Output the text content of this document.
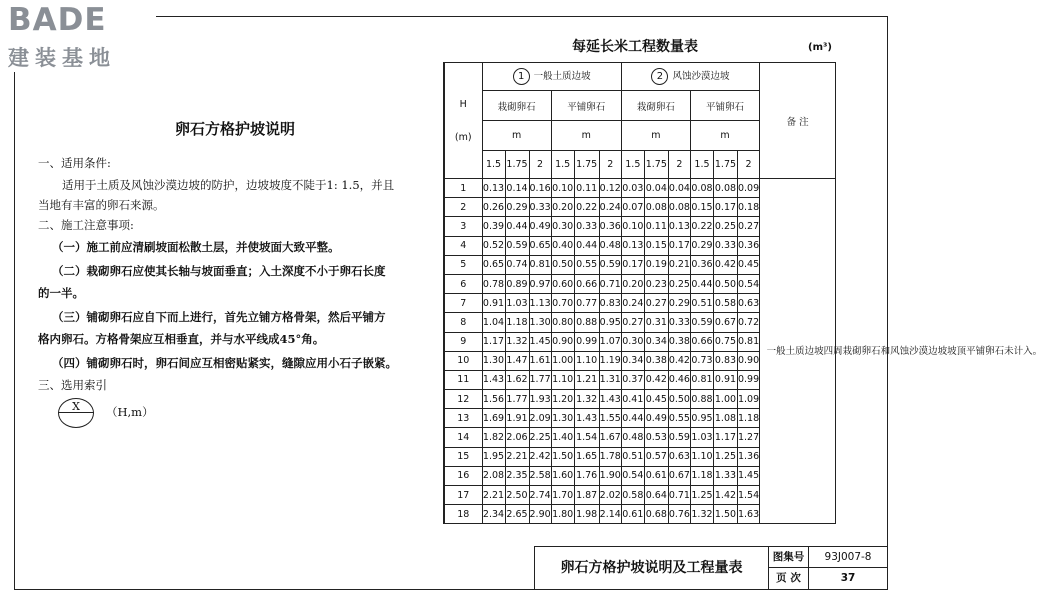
BADE
建装基地
卵石方格护坡说明
一、适用条件:
适用于土质及风蚀沙漠边坡的防护，边坡坡度不陡于1: 1.5，并且
当地有丰富的卵石来源。
二、施工注意事项:
（一）施工前应清刷坡面松散土层，并使坡面大致平整。
（二）栽砌卵石应使其长轴与坡面垂直；入土深度不小于卵石长度
的一半。
（三）铺砌卵石应自下而上进行，首先立铺方格骨架，然后平铺方
格内卵石。方格骨架应互相垂直，并与水平线成45°角。
（四）铺砌卵石时，卵石间应互相密贴紧实，缝隙应用小石子嵌紧。
三、选用索引
X	（H,m）
每延长米工程数量表	(m³)
H
(m)	1 一般土质边坡						2 风蚀沙漠边坡						备 注
	栽砌卵石			平铺卵石			栽砌卵石			平铺卵石			
	m			m			m			m			
	1.5	1.75	2	1.5	1.75	2	1.5	1.75	2	1.5	1.75	2	
1	0.13	0.14	0.16	0.10	0.11	0.12	0.03	0.04	0.04	0.08	0.08	0.09	一般土质边坡四周栽砌卵石和风蚀沙漠边坡坡顶平铺卵石未计入。

2	0.26	0.29	0.33	0.20	0.22	0.24	0.07	0.08	0.08	0.15	0.17	0.18	
3	0.39	0.44	0.49	0.30	0.33	0.36	0.10	0.11	0.13	0.22	0.25	0.27	
4	0.52	0.59	0.65	0.40	0.44	0.48	0.13	0.15	0.17	0.29	0.33	0.36	
5	0.65	0.74	0.81	0.50	0.55	0.59	0.17	0.19	0.21	0.36	0.42	0.45	
6	0.78	0.89	0.97	0.60	0.66	0.71	0.20	0.23	0.25	0.44	0.50	0.54	
7	0.91	1.03	1.13	0.70	0.77	0.83	0.24	0.27	0.29	0.51	0.58	0.63	
8	1.04	1.18	1.30	0.80	0.88	0.95	0.27	0.31	0.33	0.59	0.67	0.72	
9	1.17	1.32	1.45	0.90	0.99	1.07	0.30	0.34	0.38	0.66	0.75	0.81	
10	1.30	1.47	1.61	1.00	1.10	1.19	0.34	0.38	0.42	0.73	0.83	0.90	
11	1.43	1.62	1.77	1.10	1.21	1.31	0.37	0.42	0.46	0.81	0.91	0.99	
12	1.56	1.77	1.93	1.20	1.32	1.43	0.41	0.45	0.50	0.88	1.00	1.09	
13	1.69	1.91	2.09	1.30	1.43	1.55	0.44	0.49	0.55	0.95	1.08	1.18	
14	1.82	2.06	2.25	1.40	1.54	1.67	0.48	0.53	0.59	1.03	1.17	1.27	
15	1.95	2.21	2.42	1.50	1.65	1.78	0.51	0.57	0.63	1.10	1.25	1.36	
16	2.08	2.35	2.58	1.60	1.76	1.90	0.54	0.61	0.67	1.18	1.33	1.45	
17	2.21	2.50	2.74	1.70	1.87	2.02	0.58	0.64	0.71	1.25	1.42	1.54	
18	2.34	2.65	2.90	1.80	1.98	2.14	0.61	0.68	0.76	1.32	1.50	1.63	
卵石方格护坡说明及工程量表
图集号	93J007-8
页 次	37
